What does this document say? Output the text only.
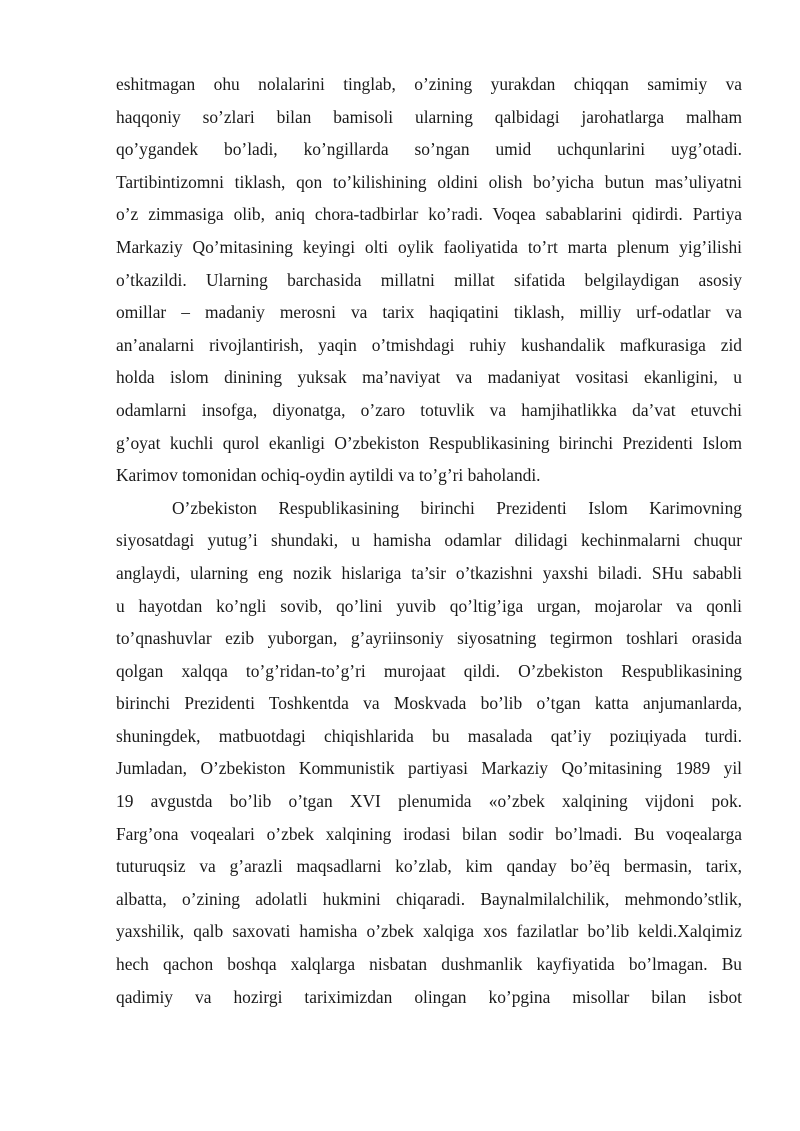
eshitmagan ohu nolalarini tinglab, o’zining yurakdan chiqqan samimiy va
haqqoniy so’zlari bilan bamisoli ularning qalbidagi jarohatlarga malham
qo’ygandek bo’ladi, ko’ngillarda so’ngan umid uchqunlarini uyg’otadi.
Tartibintizomni tiklash, qon to’kilishining oldini olish bo’yicha butun mas’uliyatni
o’z zimmasiga olib, aniq chora-tadbirlar ko’radi. Voqea sabablarini qidirdi. Partiya
Markaziy Qo’mitasining keyingi olti oylik faoliyatida to’rt marta plenum yig’ilishi
o’tkazildi. Ularning barchasida millatni millat sifatida belgilaydigan asosiy
omillar – madaniy merosni va tarix haqiqatini tiklash, milliy urf-odatlar va
an’analarni rivojlantirish, yaqin o’tmishdagi ruhiy kushandalik mafkurasiga zid
holda islom dinining yuksak ma’naviyat va madaniyat vositasi ekanligini, u
odamlarni insofga, diyonatga, o’zaro totuvlik va hamjihatlikka da’vat etuvchi
g’oyat kuchli qurol ekanligi O’zbekiston Respublikasining birinchi Prezidenti Islom
Karimov tomonidan ochiq-oydin aytildi va to’g’ri baholandi.
O’zbekiston Respublikasining birinchi Prezidenti Islom Karimovning
siyosatdagi yutug’i shundaki, u hamisha odamlar dilidagi kechinmalarni chuqur
anglaydi, ularning eng nozik hislariga ta’sir o’tkazishni yaxshi biladi. SHu sababli
u hayotdan ko’ngli sovib, qo’lini yuvib qo’ltig’iga urgan, mojarolar va qonli
to’qnashuvlar ezib yuborgan, g’ayriinsoniy siyosatning tegirmon toshlari orasida
qolgan xalqqa to’g’ridan-to’g’ri murojaat qildi. O’zbekiston Respublikasining
birinchi Prezidenti Toshkentda va Moskvada bo’lib o’tgan katta anjumanlarda,
shuningdek, matbuotdagi chiqishlarida bu masalada qat’iy poziцiyada turdi.
Jumladan, O’zbekiston Kommunistik partiyasi Markaziy Qo’mitasining 1989 yil
19 avgustda bo’lib o’tgan XVI plenumida «o’zbek xalqining vijdoni pok.
Farg’ona voqealari o’zbek xalqining irodasi bilan sodir bo’lmadi. Bu voqealarga
tuturuqsiz va g’arazli maqsadlarni ko’zlab, kim qanday bo’ëq bermasin, tarix,
albatta, o’zining adolatli hukmini chiqaradi. Baynalmilalchilik, mehmondo’stlik,
yaxshilik, qalb saxovati hamisha o’zbek xalqiga xos fazilatlar bo’lib keldi.Xalqimiz
hech qachon boshqa xalqlarga nisbatan dushmanlik kayfiyatida bo’lmagan. Bu
qadimiy va hozirgi tariximizdan olingan ko’pgina misollar bilan isbot
